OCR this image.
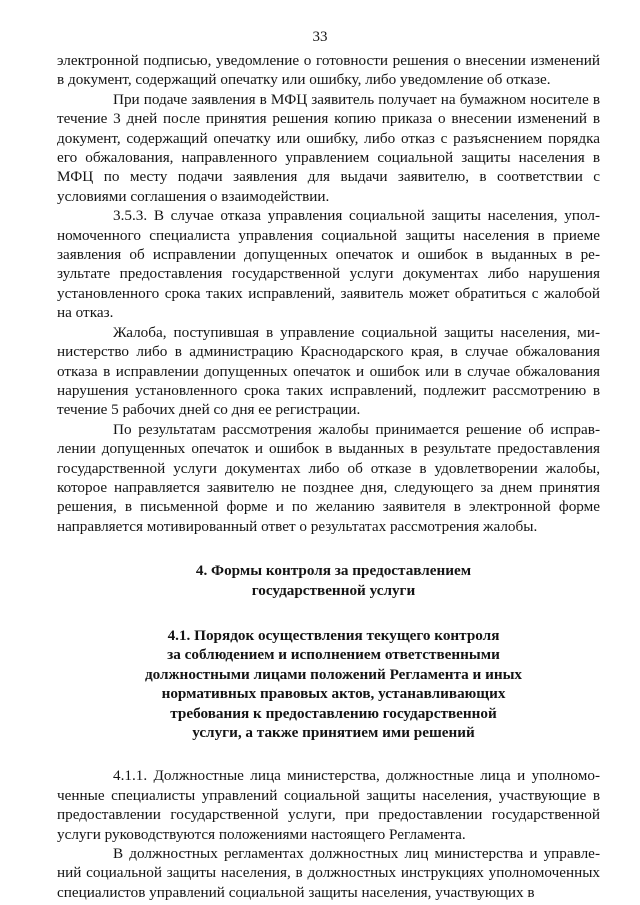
33

электронной подписью, уведомление о готовности решения о внесении изменений в документ, содержащий опечатку или ошибку, либо уведомление об отказе.

При подаче заявления в МФЦ заявитель получает на бумажном носителе в течение 3 дней после принятия решения копию приказа о внесении изменений в документ, содержащий опечатку или ошибку, либо отказ с разъяснением порядка его обжалования, направленного управлением социальной защиты населения в МФЦ по месту подачи заявления для выдачи заявителю, в соответствии с условиями соглашения о взаимодействии.

3.5.3. В случае отказа управления социальной защиты населения, уполномоченного специалиста управления социальной защиты населения в приеме заявления об исправлении допущенных опечаток и ошибок в выданных в результате предоставления государственной услуги документах либо нарушения установленного срока таких исправлений, заявитель может обратиться с жалобой на отказ.

Жалоба, поступившая в управление социальной защиты населения, министерство либо в администрацию Краснодарского края, в случае обжалования отказа в исправлении допущенных опечаток и ошибок или в случае обжалования нарушения установленного срока таких исправлений, подлежит рассмотрению в течение 5 рабочих дней со дня ее регистрации.

По результатам рассмотрения жалобы принимается решение об исправлении допущенных опечаток и ошибок в выданных в результате предоставления государственной услуги документах либо об отказе в удовлетворении жалобы, которое направляется заявителю не позднее дня, следующего за днем принятия решения, в письменной форме и по желанию заявителя в электронной форме направляется мотивированный ответ о результатах рассмотрения жалобы.

4. Формы контроля за предоставлением
государственной услуги
4.1. Порядок осуществления текущего контроля
за соблюдением и исполнением ответственными
должностными лицами положений Регламента и иных
нормативных правовых актов, устанавливающих
требования к предоставлению государственной
услуги, а также принятием ими решений

4.1.1. Должностные лица министерства, должностные лица и уполномоченные специалисты управлений социальной защиты населения, участвующие в предоставлении государственной услуги, при предоставлении государственной услуги руководствуются положениями настоящего Регламента.

В должностных регламентах должностных лиц министерства и управлений социальной защиты населения, в должностных инструкциях уполномоченных специалистов управлений социальной защиты населения, участвующих в
